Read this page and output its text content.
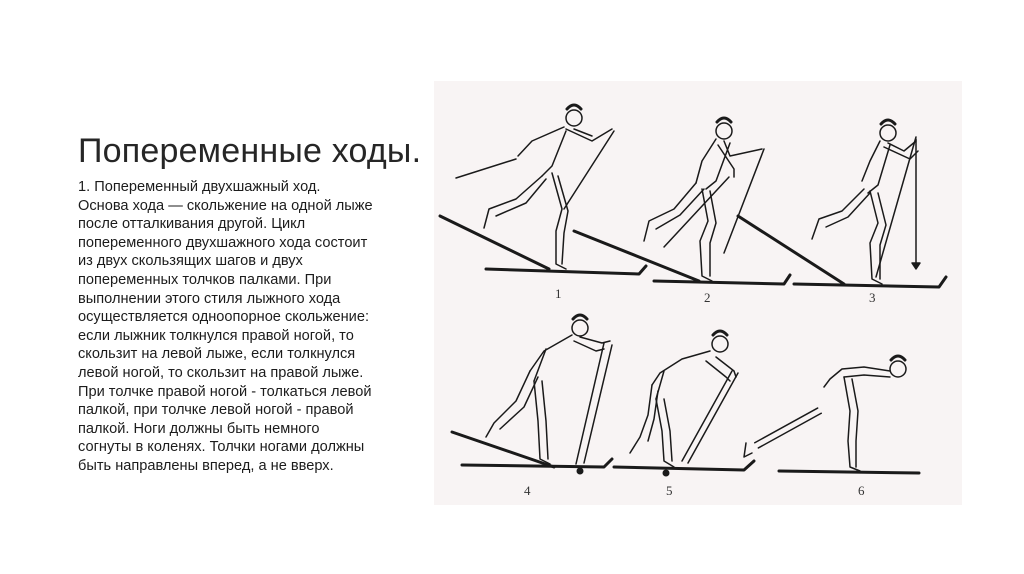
Попеременные ходы.
1. Попеременный двухшажный ход.
Основа хода — скольжение на одной лыже
после отталкивания другой. Цикл
попеременного двухшажного хода состоит
из двух скользящих шагов и двух
попеременных толчков палками. При
выполнении этого стиля лыжного хода
осуществляется одноопорное скольжение:
если лыжник толкнулся правой ногой, то
скользит на левой лыже, если толкнулся
левой ногой, то скользит на правой лыже.
При толчке правой ногой - толкаться левой
палкой, при толчке левой ногой - правой
палкой. Ноги должны быть немного
согнуты в коленях. Толчки ногами должны
быть направлены вперед, а не вверх.
1	2	3
4	5	6
